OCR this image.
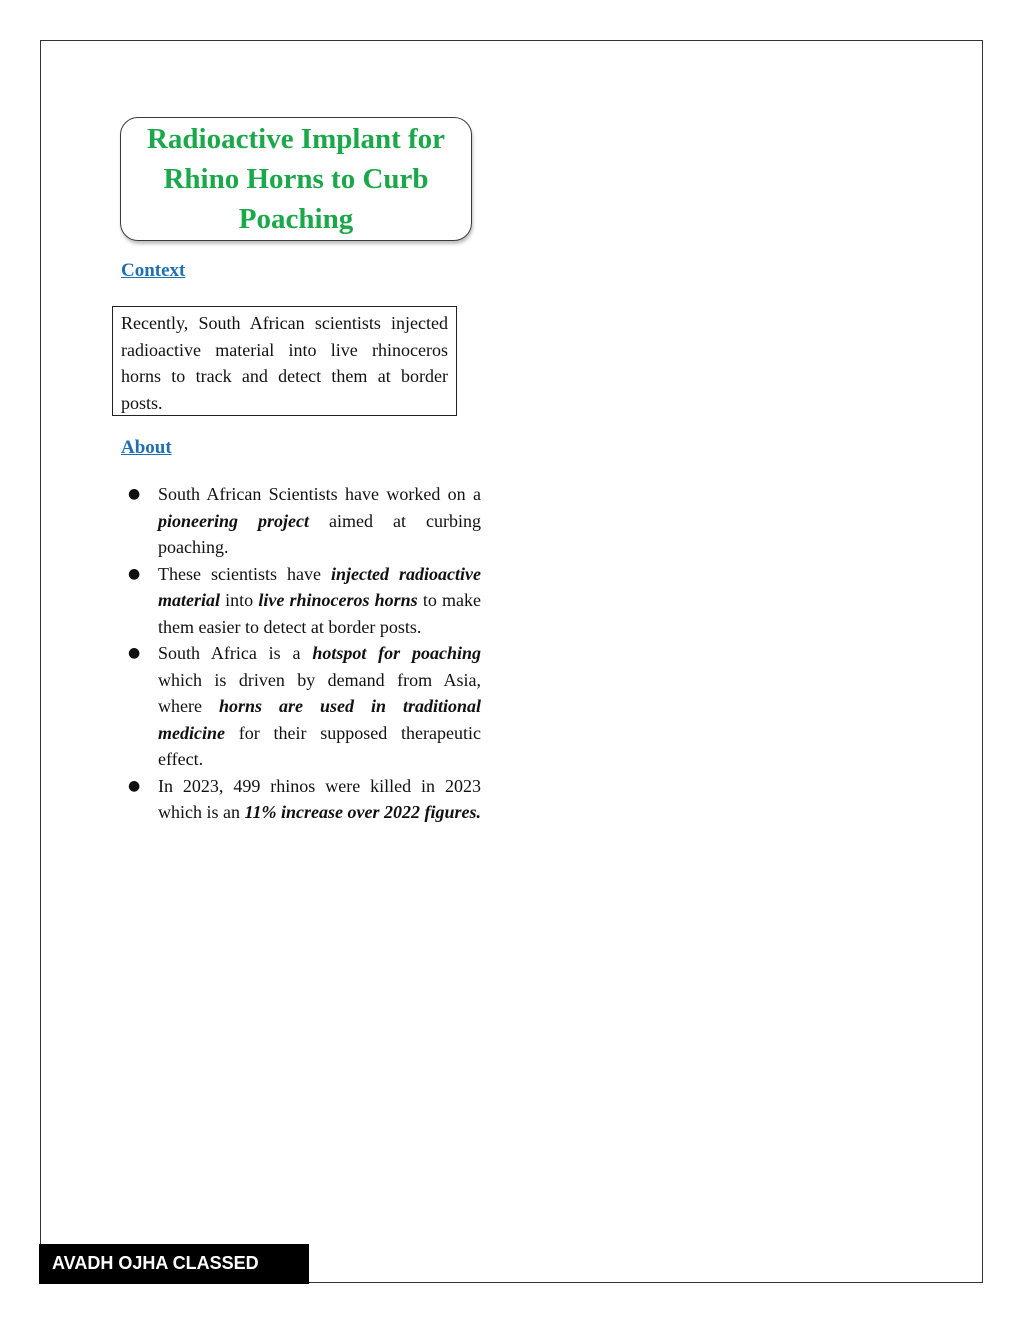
Radioactive Implant for Rhino Horns to Curb Poaching
Context
Recently, South African scientists injected radioactive material into live rhinoceros horns to track and detect them at border posts.
About
● South African Scientists have worked on a pioneering project aimed at curbing poaching.
● These scientists have injected radioactive material into live rhinoceros horns to make them easier to detect at border posts.
● South Africa is a hotspot for poaching which is driven by demand from Asia, where horns are used in traditional medicine for their supposed therapeutic effect.
● In 2023, 499 rhinos were killed in 2023 which is an 11% increase over 2022 figures.
AVADH OJHA CLASSED
